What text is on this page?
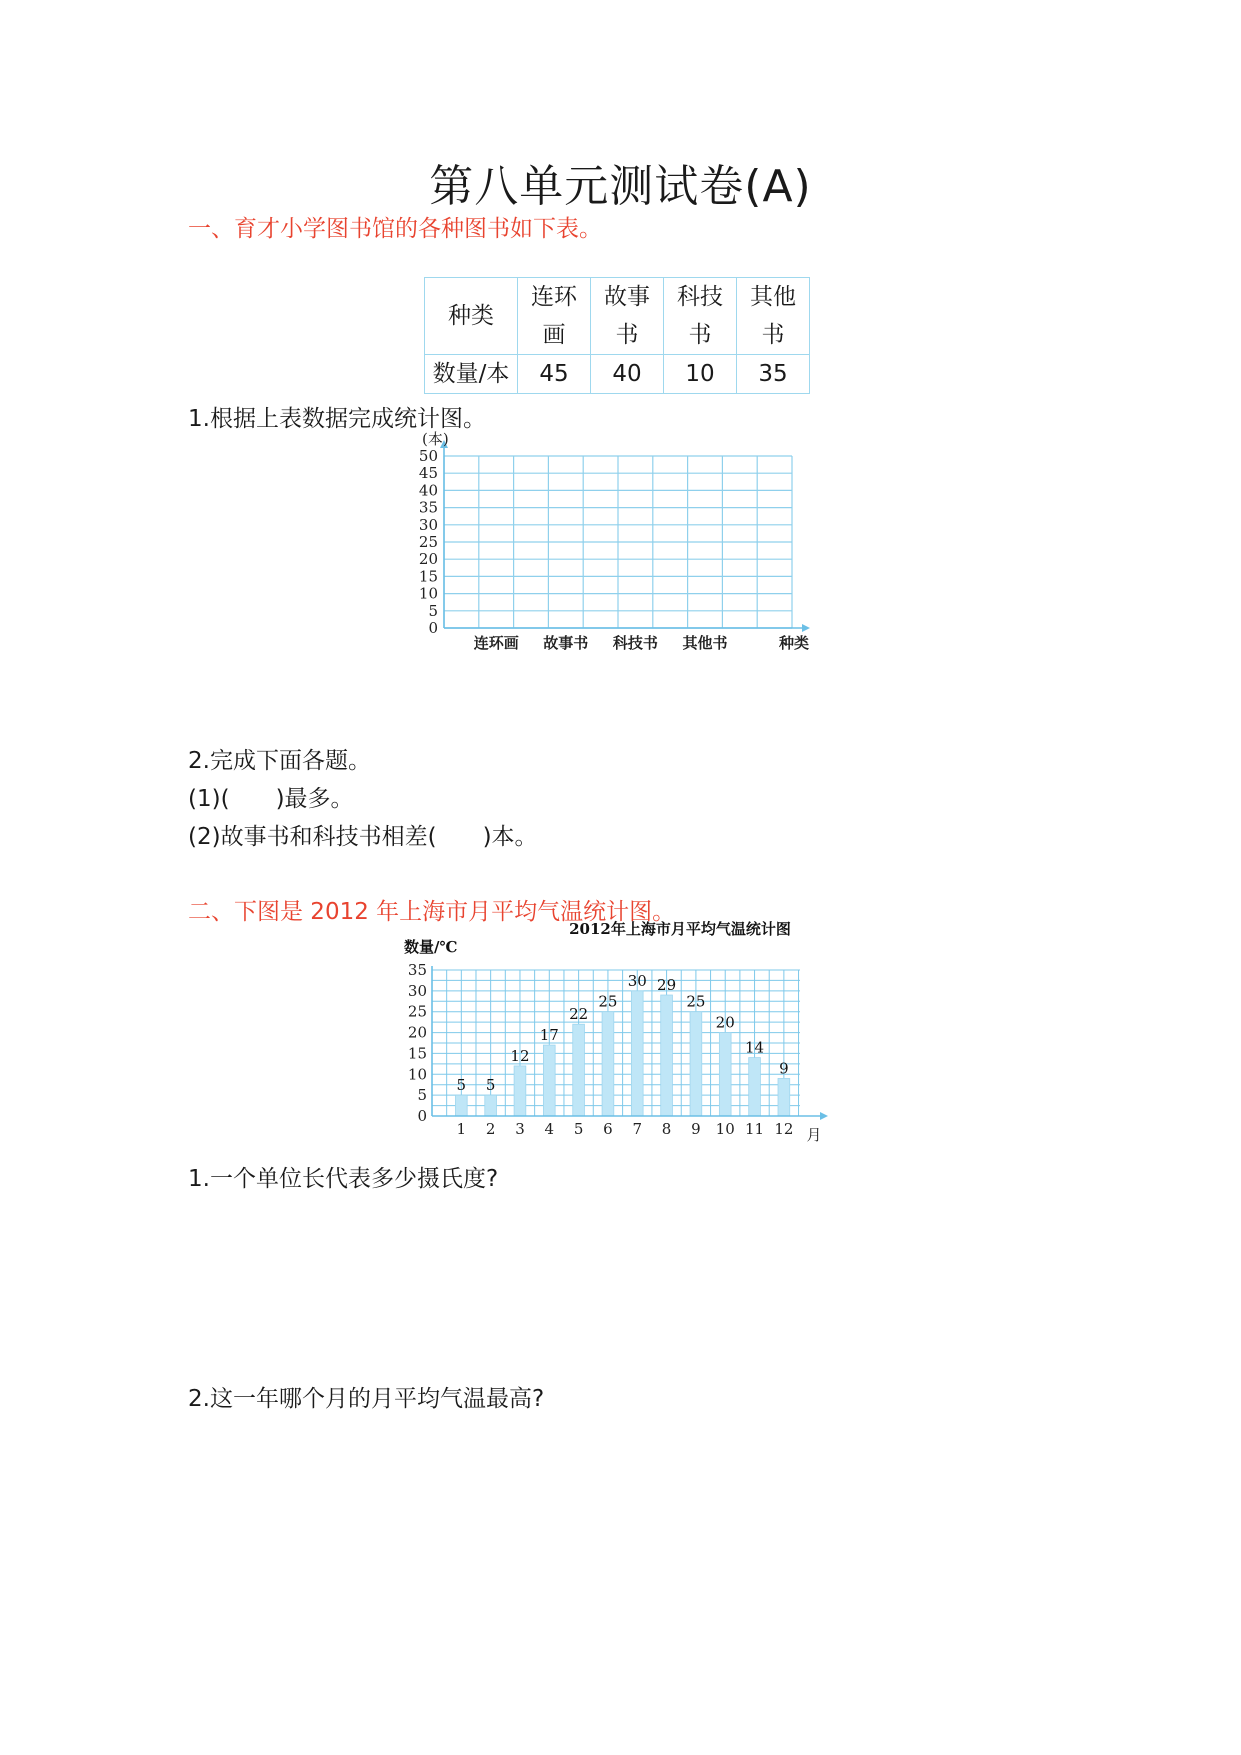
第八单元测试卷(A)
一、育才小学图书馆的各种图书如下表。
种类	连环画	故事书	科技书	其他书
数量/本	45	40	10	35
1.根据上表数据完成统计图。
0
5
10
15
20
25
30
35
40
45
50
(本)
连环画 故事书 科技书 其他书	种类
2.完成下面各题。
(1)( )最多。
(2)故事书和科技书相差( )本。
二、下图是 2012 年上海市月平均气温统计图。
2012年上海市月平均气温统计图
数量/℃
0
5
10
15
20
25
30
35
5
1
5
2
12
3
17
4
22
5
25
6
30
7
29
8
25
9
20
10
14
11
9
12 月
1.一个单位长代表多少摄氏度?
2.这一年哪个月的月平均气温最高?
